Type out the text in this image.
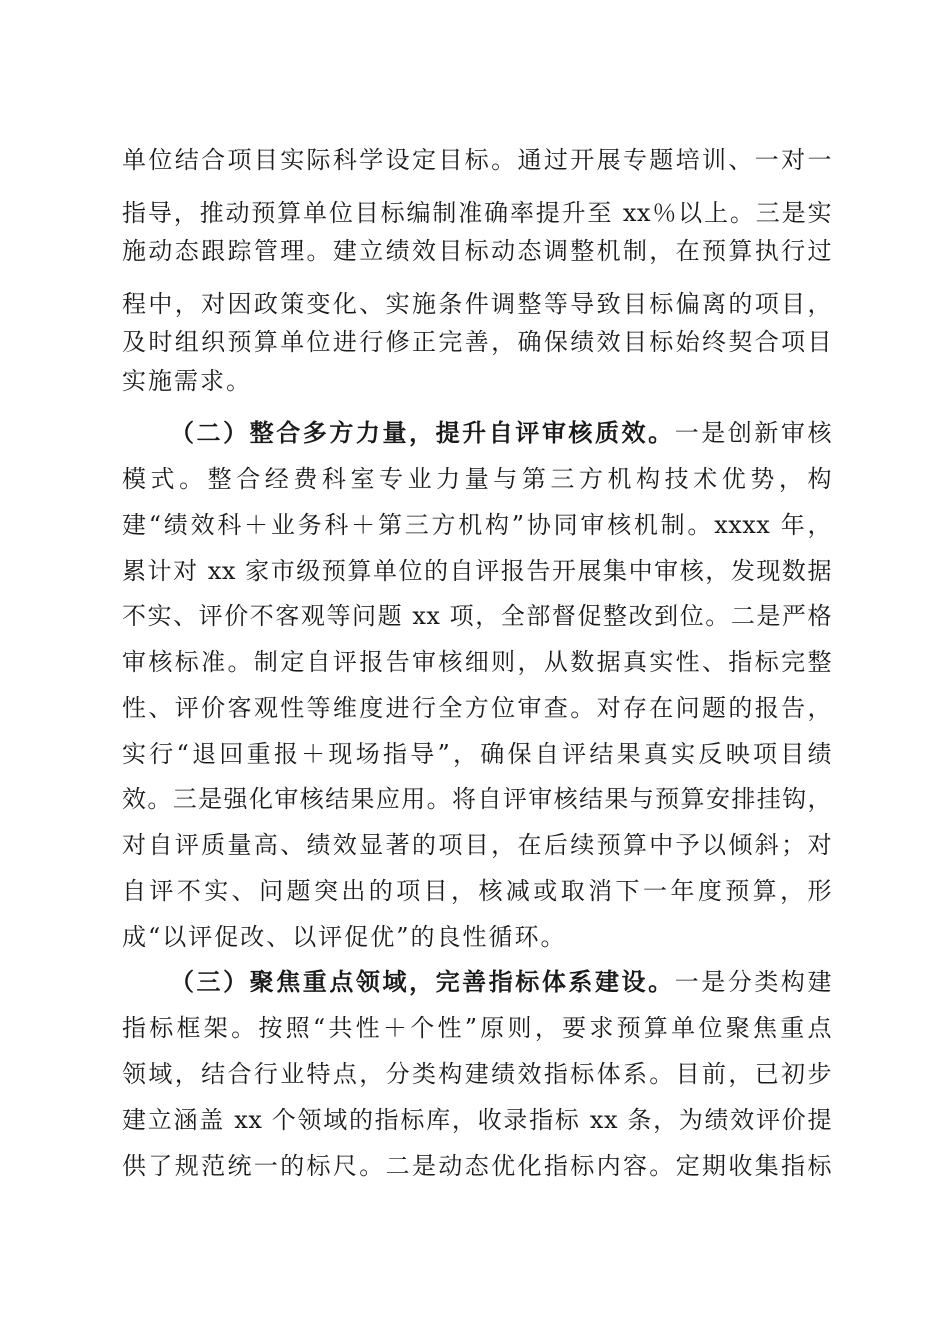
单位结合项目实际科学设定目标。通过开展专题培训、一对一
指导，推动预算单位目标编制准确率提升至 xx％以上。三是实
施动态跟踪管理。建立绩效目标动态调整机制，在预算执行过
程中，对因政策变化、实施条件调整等导致目标偏离的项目，
及时组织预算单位进行修正完善，确保绩效目标始终契合项目
实施需求。
（二）整合多方力量，提升自评审核质效。一是创新审核
模式。整合经费科室专业力量与第三方机构技术优势，构
建“绩效科＋业务科＋第三方机构”协同审核机制。xxxx 年，
累计对 xx 家市级预算单位的自评报告开展集中审核，发现数据
不实、评价不客观等问题 xx 项，全部督促整改到位。二是严格
审核标准。制定自评报告审核细则，从数据真实性、指标完整
性、评价客观性等维度进行全方位审查。对存在问题的报告，
实行“退回重报＋现场指导”，确保自评结果真实反映项目绩
效。三是强化审核结果应用。将自评审核结果与预算安排挂钩，
对自评质量高、绩效显著的项目，在后续预算中予以倾斜；对
自评不实、问题突出的项目，核减或取消下一年度预算，形
成“以评促改、以评促优”的良性循环。
（三）聚焦重点领域，完善指标体系建设。一是分类构建
指标框架。按照“共性＋个性”原则，要求预算单位聚焦重点
领域，结合行业特点，分类构建绩效指标体系。目前，已初步
建立涵盖 xx 个领域的指标库，收录指标 xx 条，为绩效评价提
供了规范统一的标尺。二是动态优化指标内容。定期收集指标
